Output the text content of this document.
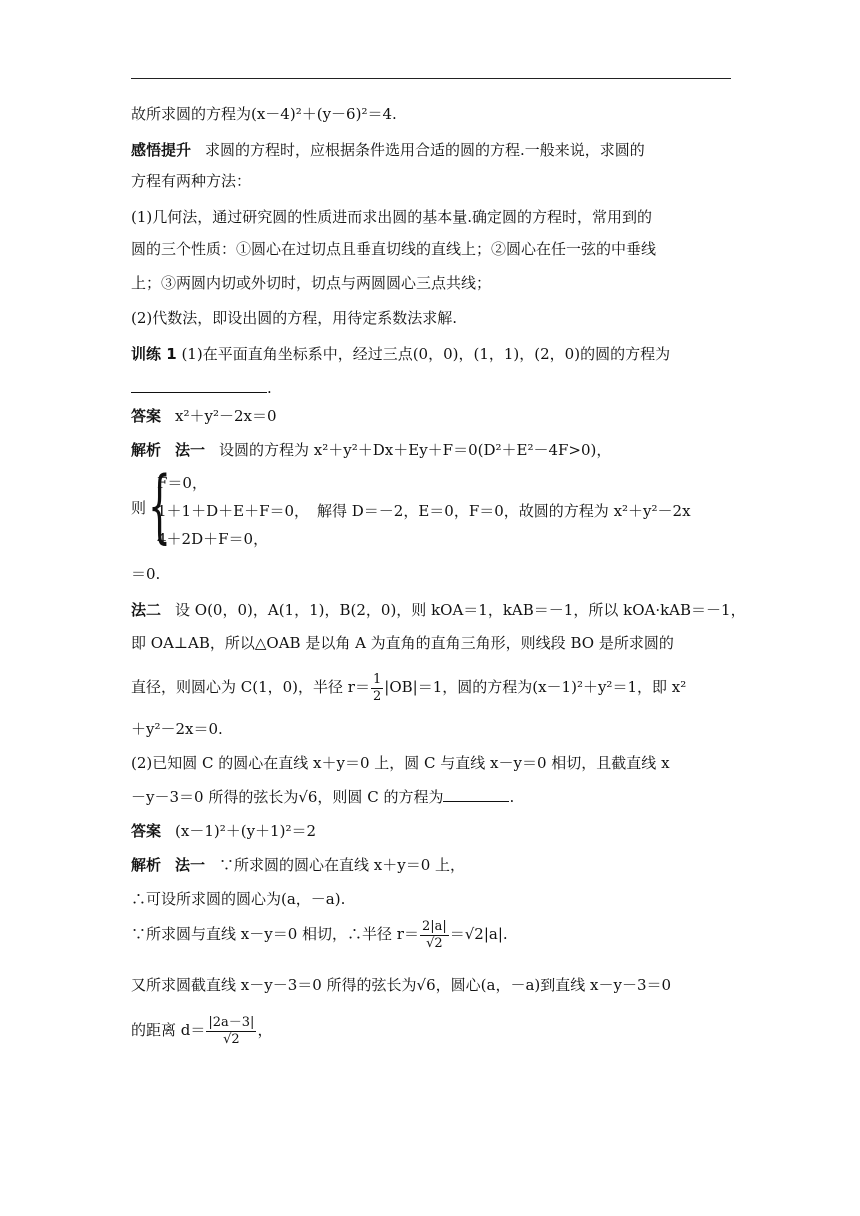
故所求圆的方程为(x－4)²＋(y－6)²＝4.
感悟提升 求圆的方程时，应根据条件选用合适的圆的方程.一般来说，求圆的
方程有两种方法：
(1)几何法，通过研究圆的性质进而求出圆的基本量.确定圆的方程时，常用到的
圆的三个性质：①圆心在过切点且垂直切线的直线上；②圆心在任一弦的中垂线
上；③两圆内切或外切时，切点与两圆圆心三点共线；
(2)代数法，即设出圆的方程，用待定系数法求解.
训练 1 (1)在平面直角坐标系中，经过三点(0，0)，(1，1)，(2，0)的圆的方程为
.
答案 x²＋y²－2x＝0
解析 法一 设圆的方程为 x²＋y²＋Dx＋Ey＋F＝0(D²＋E²－4F>0)，
则 {
F＝0，
1＋1＋D＋E＋F＝0， 解得 D＝－2，E＝0，F＝0，故圆的方程为 x²＋y²－2x
4＋2D＋F＝0，
＝0.
法二 设 O(0，0)，A(1，1)，B(2，0)，则 kOA＝1，kAB＝－1，所以 kOA·kAB＝－1，
即 OA⊥AB，所以△OAB 是以角 A 为直角的直角三角形，则线段 BO 是所求圆的
直径，则圆心为 C(1，0)，半径 $r= \frac{1}{2} |OB|=1$，圆的方程为(x－1)²＋y²＝1，即 x²
＋y²－2x＝0.
(2)已知圆 C 的圆心在直线 x＋y＝0 上，圆 C 与直线 x－y＝0 相切，且截直线 x
－y－3＝0 所得的弦长为√6，则圆 C 的方程为	.
答案 (x－1)²＋(y＋1)²＝2
解析 法一 ∵所求圆的圆心在直线 x＋y＝0 上，
∴可设所求圆的圆心为(a，－a).
∵所求圆与直线 x－y＝0 相切，∴半径 $r= \frac{2|a|}{√2} =√2|a|$.
又所求圆截直线 x－y－3＝0 所得的弦长为√6，圆心(a，－a)到直线 x－y－3＝0
的距离 $d= \frac{|2a-3|}{√2}$ ，
